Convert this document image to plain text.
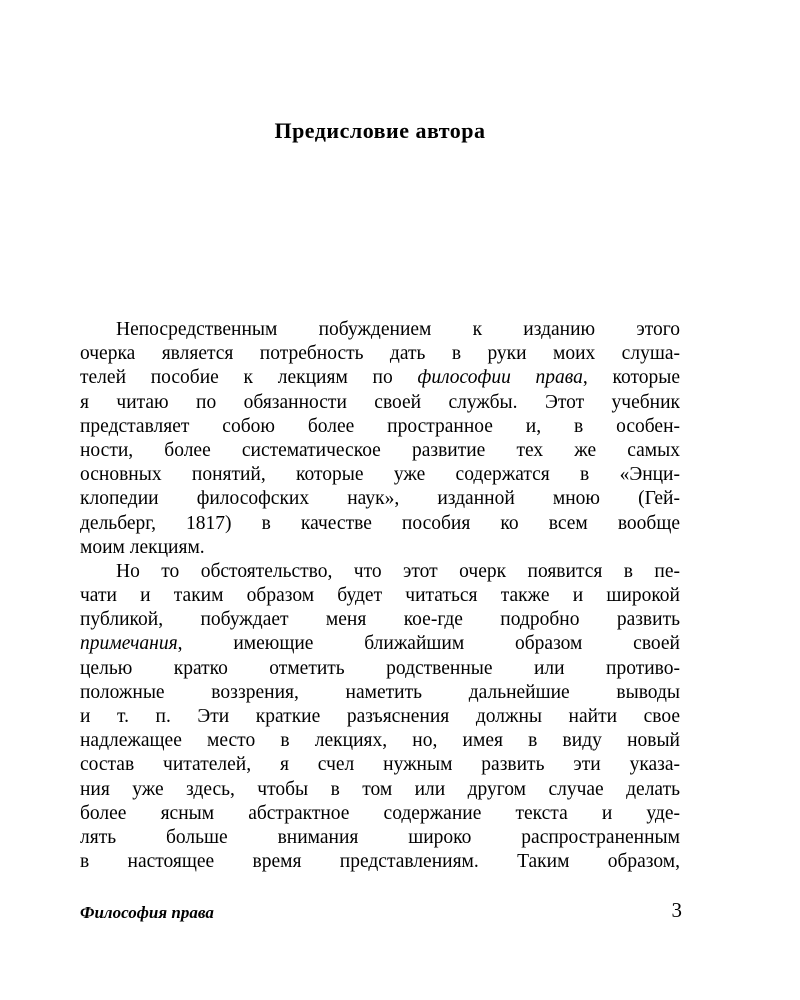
Предисловие автора
Непосредственным побуждением к изданию этого
очерка является потребность дать в руки моих слуша-
телей пособие к лекциям по философии права, которые
я читаю по обязанности своей службы. Этот учебник
представляет собою более пространное и, в особен-
ности, более систематическое развитие тех же самых
основных понятий, которые уже содержатся в «Энци-
клопедии философских наук», изданной мною (Гей-
дельберг, 1817) в качестве пособия ко всем вообще
моим лекциям.
Но то обстоятельство, что этот очерк появится в пе-
чати и таким образом будет читаться также и широкой
публикой, побуждает меня кое-где подробно развить
примечания, имеющие ближайшим образом своей
целью кратко отметить родственные или противо-
положные воззрения, наметить дальнейшие выводы
и т. п. Эти краткие разъяснения должны найти свое
надлежащее место в лекциях, но, имея в виду новый
состав читателей, я счел нужным развить эти указа-
ния уже здесь, чтобы в том или другом случае делать
более ясным абстрактное содержание текста и уде-
лять больше внимания широко распространенным
в настоящее время представлениям. Таким образом,
Философия права	3
